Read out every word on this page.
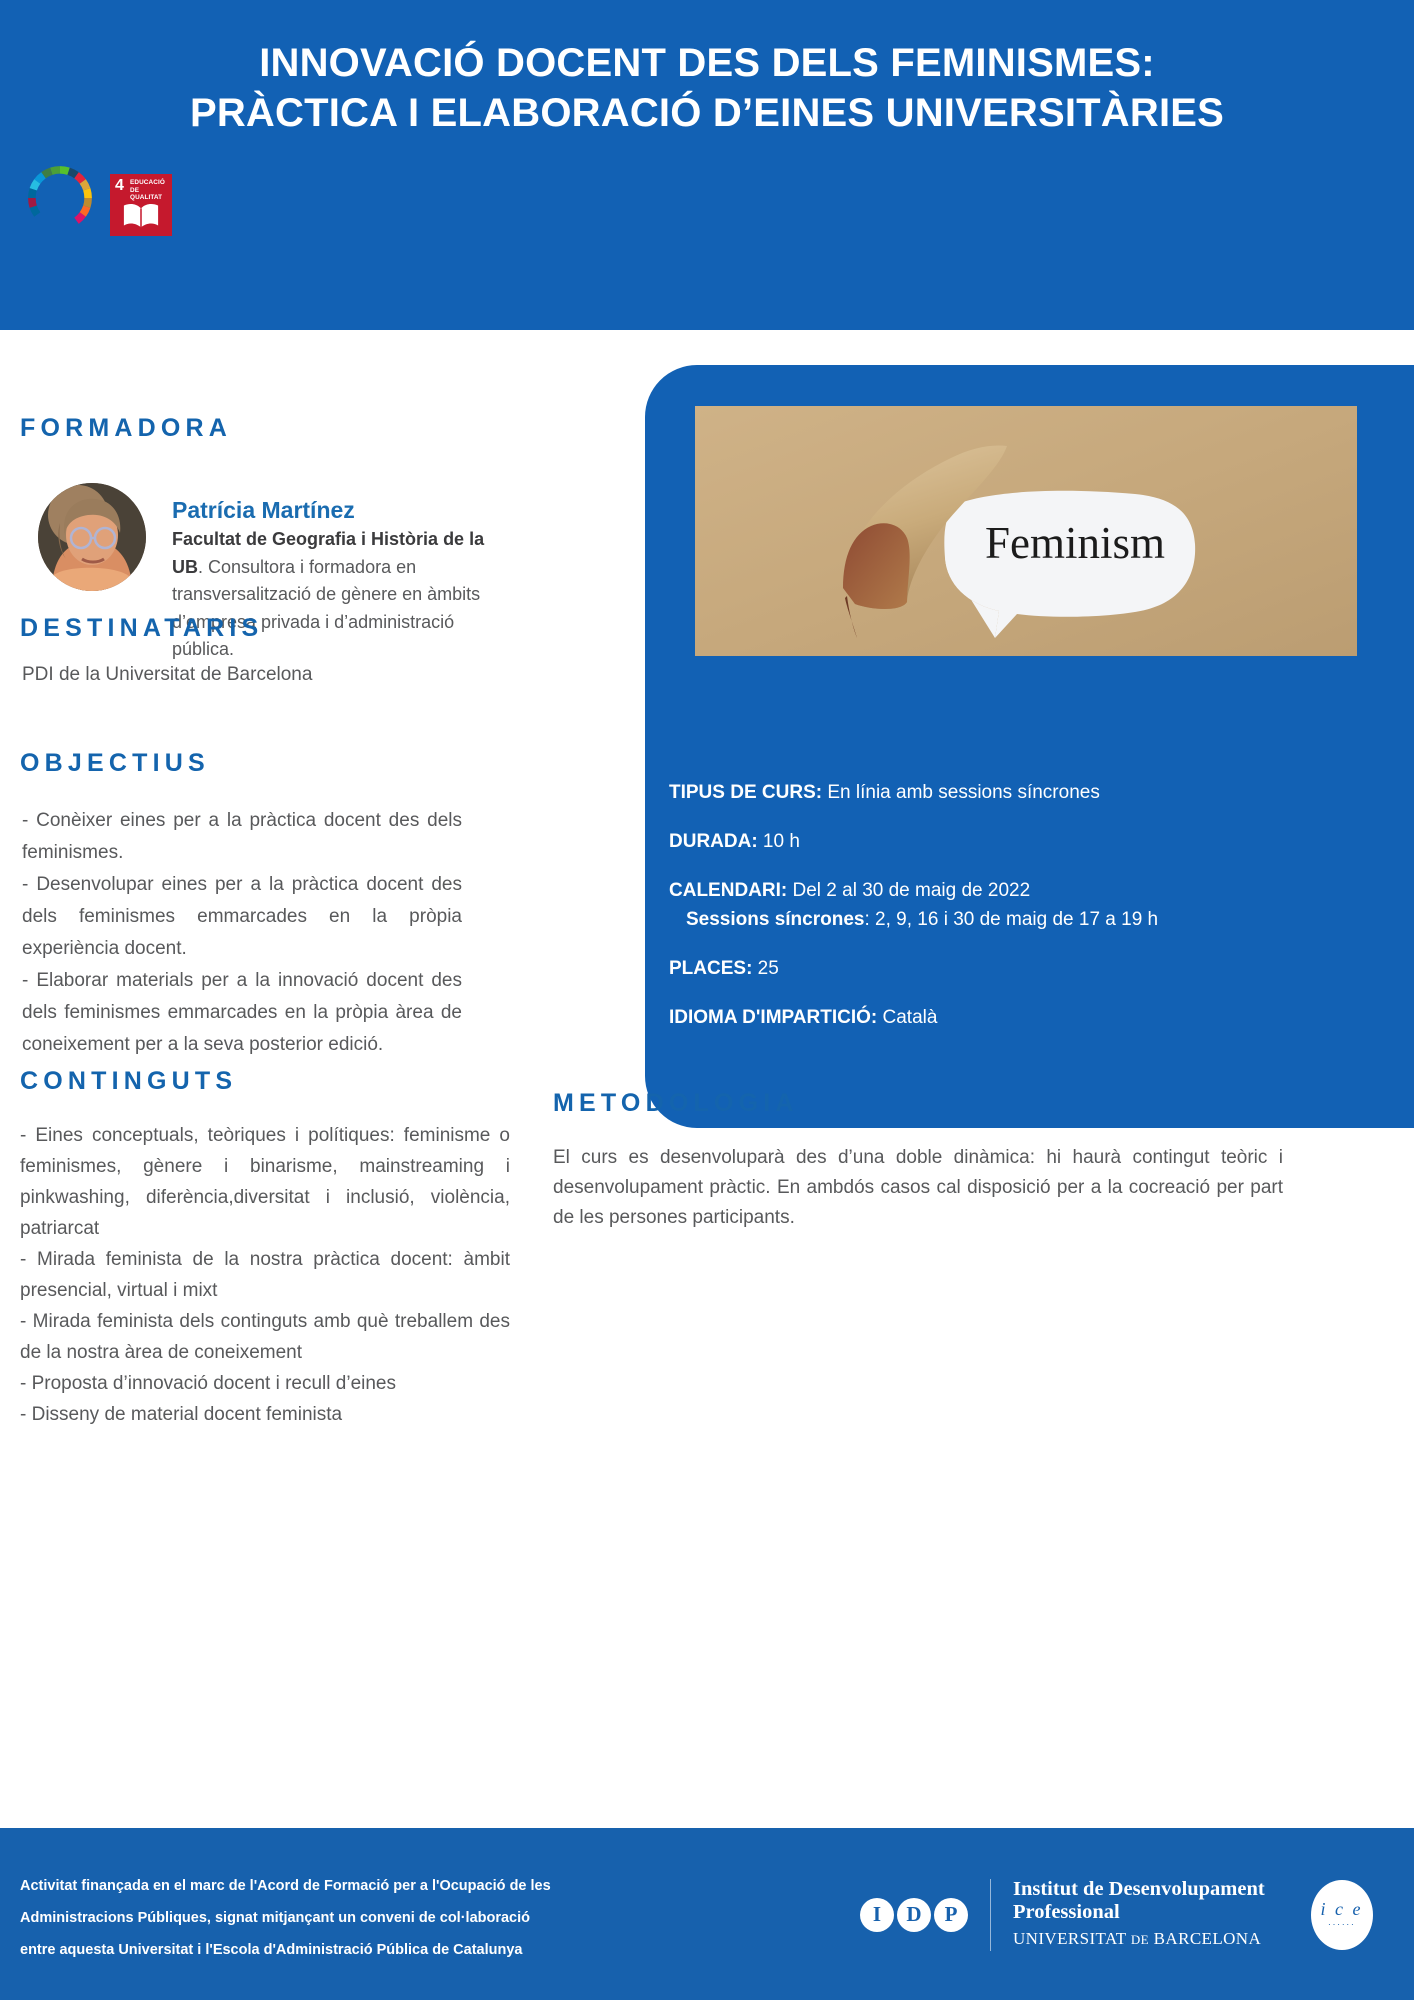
INNOVACIÓ DOCENT DES DELS FEMINISMES:
PRÀCTICA I ELABORACIÓ D’EINES UNIVERSITÀRIES
4 EDUCACIÓ DE QUALITAT
Feminism
TIPUS DE CURS: En línia amb sessions síncrones
DURADA: 10 h
CALENDARI: Del 2 al 30 de maig de 2022
Sessions síncrones: 2, 9, 16 i 30 de maig de 17 a 19 h
PLACES: 25
IDIOMA D'IMPARTICIÓ: Català
FORMADORA
Patrícia Martínez
Facultat de Geografia i Història de la UB. Consultora i formadora en transversalització de gènere en àmbits d’empresa privada i d’administració pública.
DESTINATARIS
PDI de la Universitat de Barcelona
OBJECTIUS
- Conèixer eines per a la pràctica docent des dels feminismes.
- Desenvolupar eines per a la pràctica docent des dels feminismes emmarcades en la pròpia experiència docent.
- Elaborar materials per a la innovació docent des dels feminismes emmarcades en la pròpia àrea de coneixement per a la seva posterior edició.
CONTINGUTS
- Eines conceptuals, teòriques i polítiques: feminisme o feminismes, gènere i binarisme, mainstreaming i pinkwashing, diferència,diversitat i inclusió, violència, patriarcat
- Mirada feminista de la nostra pràctica docent: àmbit presencial, virtual i mixt
- Mirada feminista dels continguts amb què treballem des de la nostra àrea de coneixement
- Proposta d’innovació docent i recull d’eines
- Disseny de material docent feminista
METODOLOGIA
El curs es desenvoluparà des d’una doble dinàmica: hi haurà contingut teòric i desenvolupament pràctic. En ambdós casos cal disposició per a la cocreació per part de les persones participants.
Activitat finançada en el marc de l'Acord de Formació per a l'Ocupació de les
Administracions Públiques, signat mitjançant un conveni de col·laboració
entre aquesta Universitat i l'Escola d'Administració Pública de Catalunya
I	D	P
Institut de Desenvolupament
Professional
UNIVERSITAT DE BARCELONA
i c e
······
